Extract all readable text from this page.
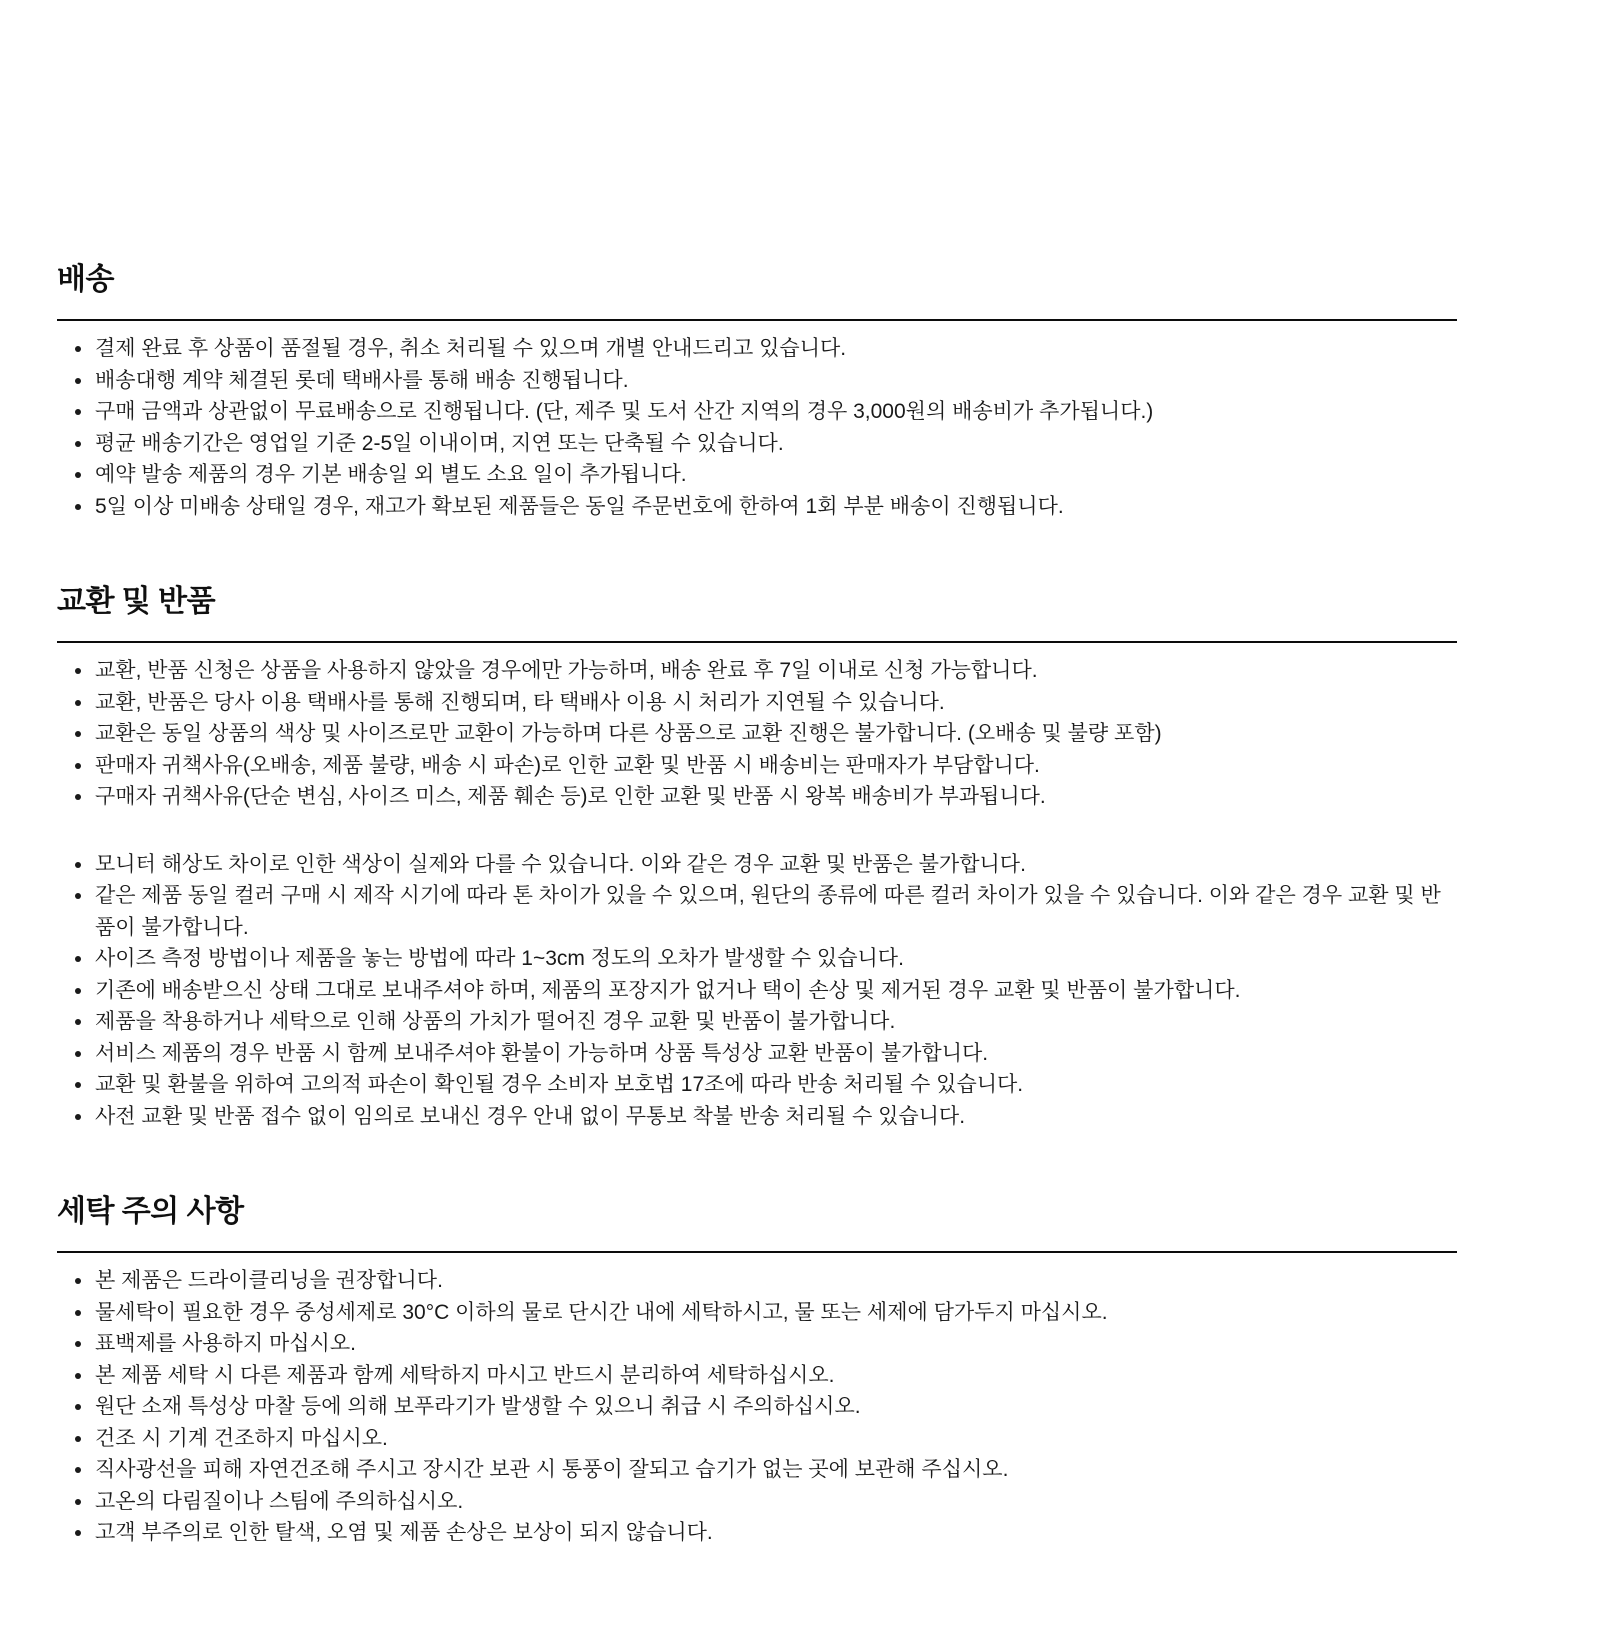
배송
결제 완료 후 상품이 품절될 경우, 취소 처리될 수 있으며 개별 안내드리고 있습니다.
배송대행 계약 체결된 롯데 택배사를 통해 배송 진행됩니다.
구매 금액과 상관없이 무료배송으로 진행됩니다. (단, 제주 및 도서 산간 지역의 경우 3,000원의 배송비가 추가됩니다.)
평균 배송기간은 영업일 기준 2-5일 이내이며, 지연 또는 단축될 수 있습니다.
예약 발송 제품의 경우 기본 배송일 외 별도 소요 일이 추가됩니다.
5일 이상 미배송 상태일 경우, 재고가 확보된 제품들은 동일 주문번호에 한하여 1회 부분 배송이 진행됩니다.
교환 및 반품
교환, 반품 신청은 상품을 사용하지 않았을 경우에만 가능하며, 배송 완료 후 7일 이내로 신청 가능합니다.
교환, 반품은 당사 이용 택배사를 통해 진행되며, 타 택배사 이용 시 처리가 지연될 수 있습니다.
교환은 동일 상품의 색상 및 사이즈로만 교환이 가능하며 다른 상품으로 교환 진행은 불가합니다. (오배송 및 불량 포함)
판매자 귀책사유(오배송, 제품 불량, 배송 시 파손)로 인한 교환 및 반품 시 배송비는 판매자가 부담합니다.
구매자 귀책사유(단순 변심, 사이즈 미스, 제품 훼손 등)로 인한 교환 및 반품 시 왕복 배송비가 부과됩니다.
모니터 해상도 차이로 인한 색상이 실제와 다를 수 있습니다. 이와 같은 경우 교환 및 반품은 불가합니다.
같은 제품 동일 컬러 구매 시 제작 시기에 따라 톤 차이가 있을 수 있으며, 원단의 종류에 따른 컬러 차이가 있을 수 있습니다. 이와 같은 경우 교환 및 반품이 불가합니다.
사이즈 측정 방법이나 제품을 놓는 방법에 따라 1~3cm 정도의 오차가 발생할 수 있습니다.
기존에 배송받으신 상태 그대로 보내주셔야 하며, 제품의 포장지가 없거나 택이 손상 및 제거된 경우 교환 및 반품이 불가합니다.
제품을 착용하거나 세탁으로 인해 상품의 가치가 떨어진 경우 교환 및 반품이 불가합니다.
서비스 제품의 경우 반품 시 함께 보내주셔야 환불이 가능하며 상품 특성상 교환 반품이 불가합니다.
교환 및 환불을 위하여 고의적 파손이 확인될 경우 소비자 보호법 17조에 따라 반송 처리될 수 있습니다.
사전 교환 및 반품 접수 없이 임의로 보내신 경우 안내 없이 무통보 착불 반송 처리될 수 있습니다.
세탁 주의 사항
본 제품은 드라이클리닝을 권장합니다.
물세탁이 필요한 경우 중성세제로 30°C 이하의 물로 단시간 내에 세탁하시고, 물 또는 세제에 담가두지 마십시오.
표백제를 사용하지 마십시오.
본 제품 세탁 시 다른 제품과 함께 세탁하지 마시고 반드시 분리하여 세탁하십시오.
원단 소재 특성상 마찰 등에 의해 보푸라기가 발생할 수 있으니 취급 시 주의하십시오.
건조 시 기계 건조하지 마십시오.
직사광선을 피해 자연건조해 주시고 장시간 보관 시 통풍이 잘되고 습기가 없는 곳에 보관해 주십시오.
고온의 다림질이나 스팀에 주의하십시오.
고객 부주의로 인한 탈색, 오염 및 제품 손상은 보상이 되지 않습니다.
